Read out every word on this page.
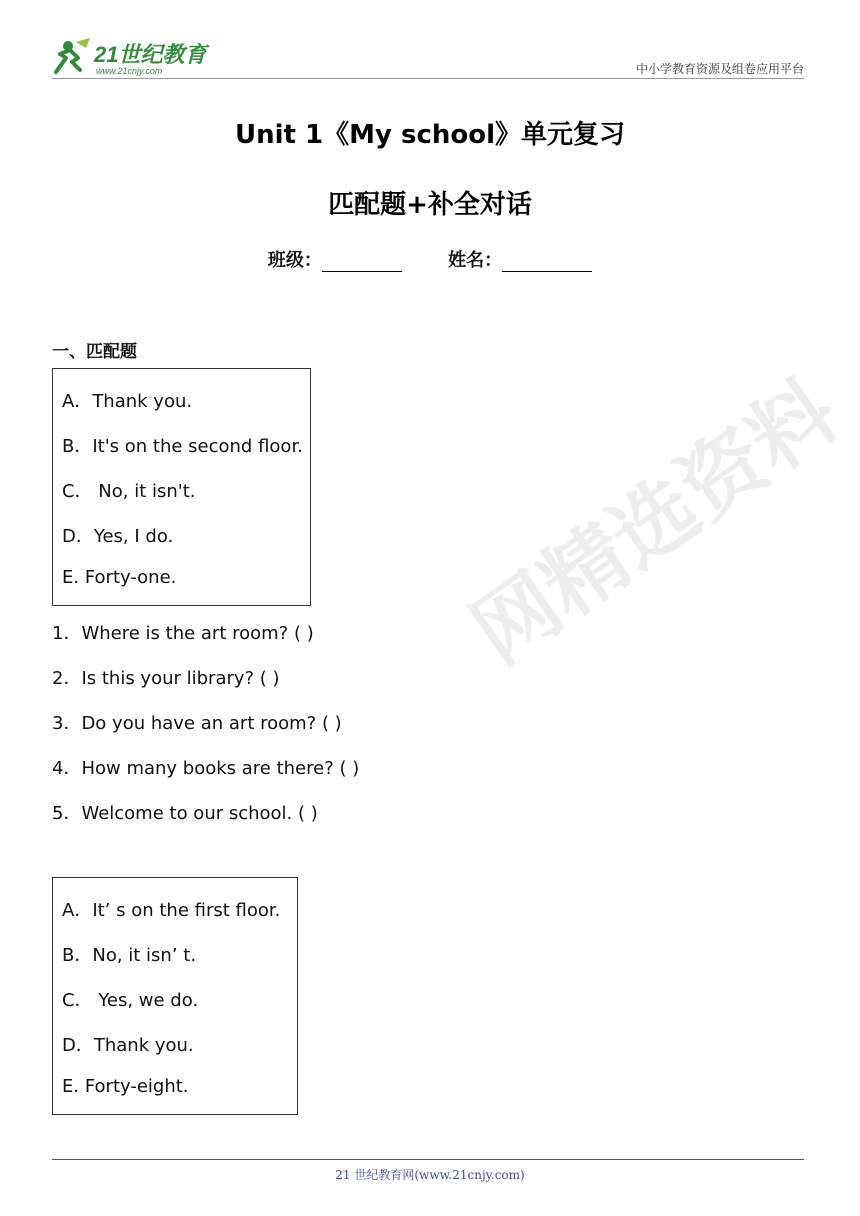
21世纪教育
www.21cnjy.com	中小学教育资源及组卷应用平台
Unit 1《My school》单元复习
匹配题+补全对话
班级：	姓名：
网精选资料
一、匹配题
A．Thank you.
B．It's on the second floor.
C． No, it isn't.
D．Yes, I do.
E. Forty-one.
1．Where is the art room? ( )
2．Is this your library? ( )
3．Do you have an art room? ( )
4．How many books are there? ( )
5．Welcome to our school. ( )
A．It’ s on the first floor.
B．No, it isn’ t.
C． Yes, we do.
D．Thank you.
E. Forty-eight.
21 世纪教育网(www.21cnjy.com)
